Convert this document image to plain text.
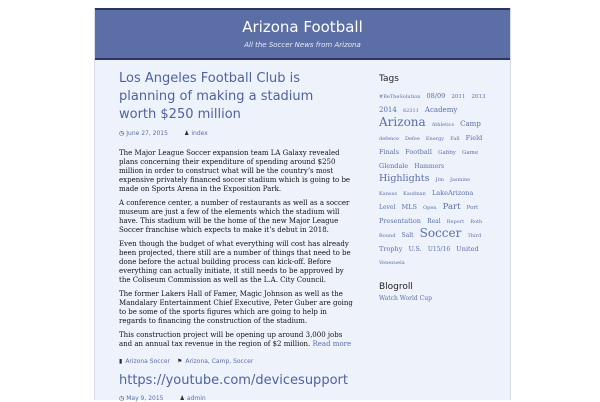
Arizona Football
All the Soccer News from Arizona
Los Angeles Football Club is planning of making a stadium worth $250 million
◷ June 27, 2015	♟ index

The Major League Soccer expansion team LA Galaxy revealed plans concerning their expenditure of spending around $250 million in order to construct what will be the country’s most expensive privately financed soccer stadium which is going to be made on Sports Arena in the Exposition Park.

A conference center, a number of restaurants as well as a soccer museum are just a few of the elements which the stadium will have. This stadium will be the home of the new Major League Soccer franchise which expects to make it’s debut in 2018.

Even though the budget of what everything will cost has already been projected, there still are a number of things that need to be done before the actual building process can kick-off. Before everything can actually initiate, it still needs to be approved by the Coliseum Commission as well as the L.A. City Council.

The former Lakers Hall of Famer, Magic Johnson as well as the Mandalary Entertainment Chief Executive, Peter Guber are going to be some of the sports figures which are going to help in regards to financing the construction of the stadium.

This construction project will be opening up around 3,000 jobs and an annual tax revenue in the region of $2 million. Read more

▮ Arizona Soccer ⚑ Arizona, Camp, Soccer
https://youtube.com/devicesupport
◷ May 9, 2015	♟ admin
Tags
#BeTheSolution 08/09 2011 2013 2014 82311 Academy Arizona Athletics Camp defence Defee Energy Fall Field Finals Football Gabby Game Glendale Hammers Highlights Jim Jasmine Kansas Kaufman LakeArizona Level MLS Open Part Port Presentation Real Report Roth Round Salt Soccer Third Trophy U.S. U15/16 United Venezuela
Blogroll
Watch World Cup
